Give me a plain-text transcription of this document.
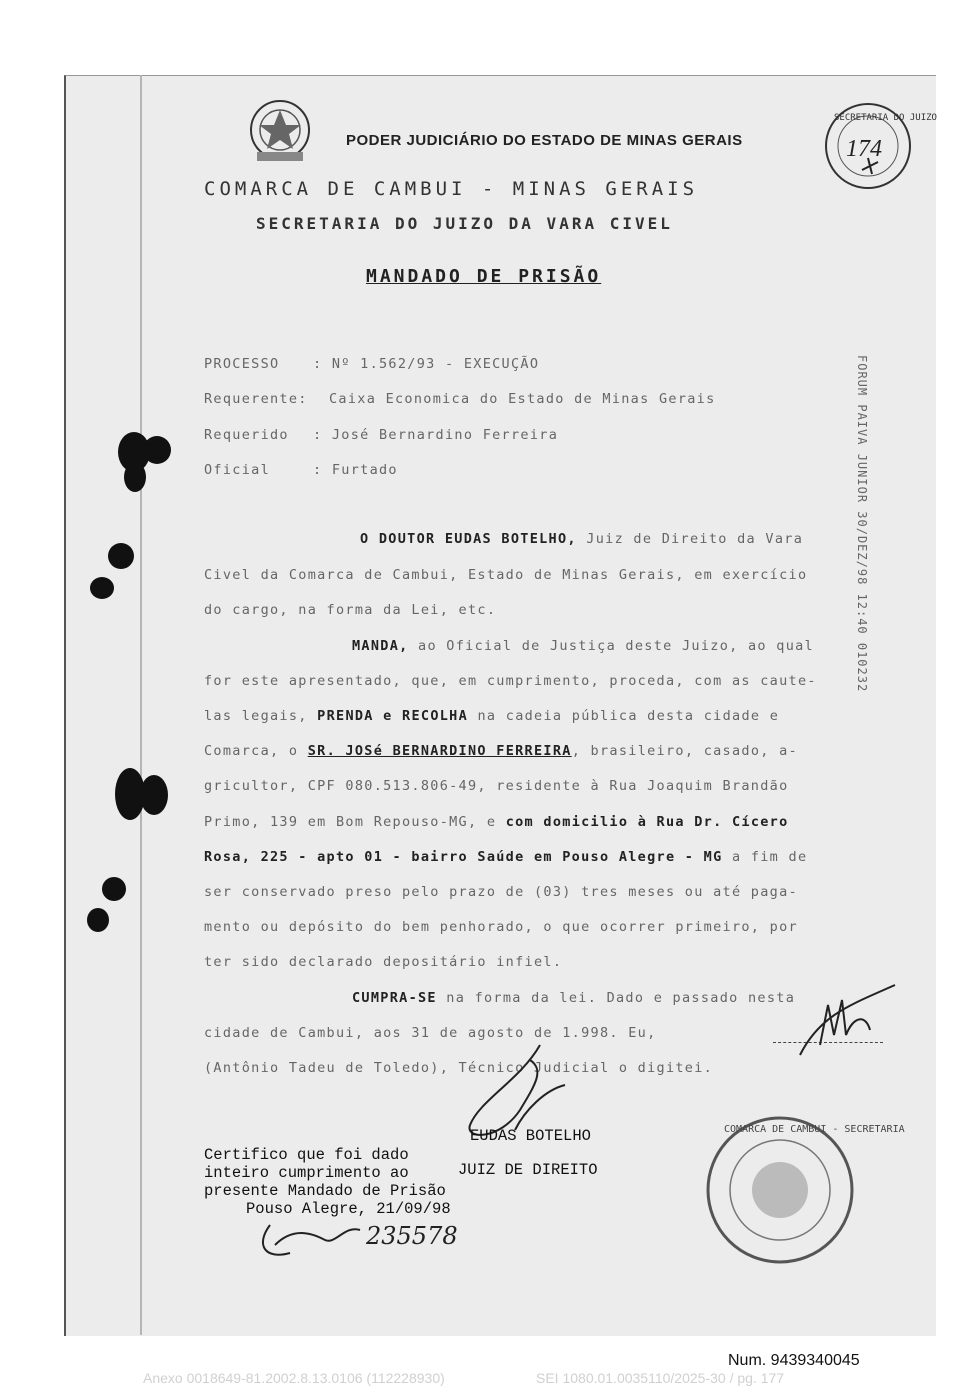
PODER JUDICIÁRIO DO ESTADO DE MINAS GERAIS
COMARCA DE CAMBUI - MINAS GERAIS
SECRETARIA DO JUIZO DA VARA CIVEL
MANDADO DE PRISÃO
SECRETARIA DO JUIZO
174
FORUM PAIVA JUNIOR 30/DEZ/98 12:40 010232
PROCESSO : Nº 1.562/93 - EXECUÇÃO
Requerente: Caixa Economica do Estado de Minas Gerais
Requerido : José Bernardino Ferreira
Oficial	: Furtado
O DOUTOR EUDAS BOTELHO, Juiz de Direito da Vara
Civel da Comarca de Cambui, Estado de Minas Gerais, em exercício
do cargo, na forma da Lei, etc.
MANDA, ao Oficial de Justiça deste Juizo, ao qual
for este apresentado, que, em cumprimento, proceda, com as caute-
las legais, PRENDA e RECOLHA na cadeia pública desta cidade e
Comarca, o SR. JOSé BERNARDINO FERREIRA, brasileiro, casado, a-
gricultor, CPF 080.513.806-49, residente à Rua Joaquim Brandão
Primo, 139 em Bom Repouso-MG, e com domicilio à Rua Dr. Cícero
Rosa, 225 - apto 01 - bairro Saúde em Pouso Alegre - MG a fim de
ser conservado preso pelo prazo de (03) tres meses ou até paga-
mento ou depósito do bem penhorado, o que ocorrer primeiro, por
ter sido declarado depositário infiel.
CUMPRA-SE na forma da lei. Dado e passado nesta
cidade de Cambui, aos 31 de agosto de 1.998. Eu,
(Antônio Tadeu de Toledo), Técnico Judicial o digitei.
EUDAS BOTELHO
JUIZ DE DIREITO
Certifico que foi dado
inteiro cumprimento ao
presente Mandado de Prisão
Pouso Alegre, 21/09/98
235578
COMARCA DE CAMBUI - SECRETARIA
Num. 9439340045
Anexo 0018649-81.2002.8.13.0106 (112228930)	SEI 1080.01.0035110/2025-30 / pg. 177
